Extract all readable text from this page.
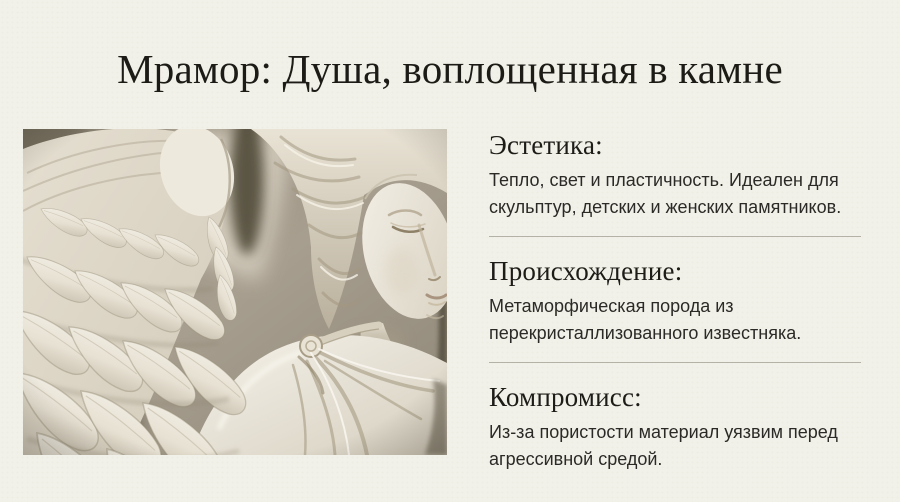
Мрамор: Душа, воплощенная в камне
Эстетика:

Тепло, свет и пластичность. Идеален для скульптур, детских и женских памятников.

Происхождение:

Метаморфическая порода из перекристаллизованного известняка.

Компромисс:

Из-за пористости материал уязвим перед агрессивной средой.
